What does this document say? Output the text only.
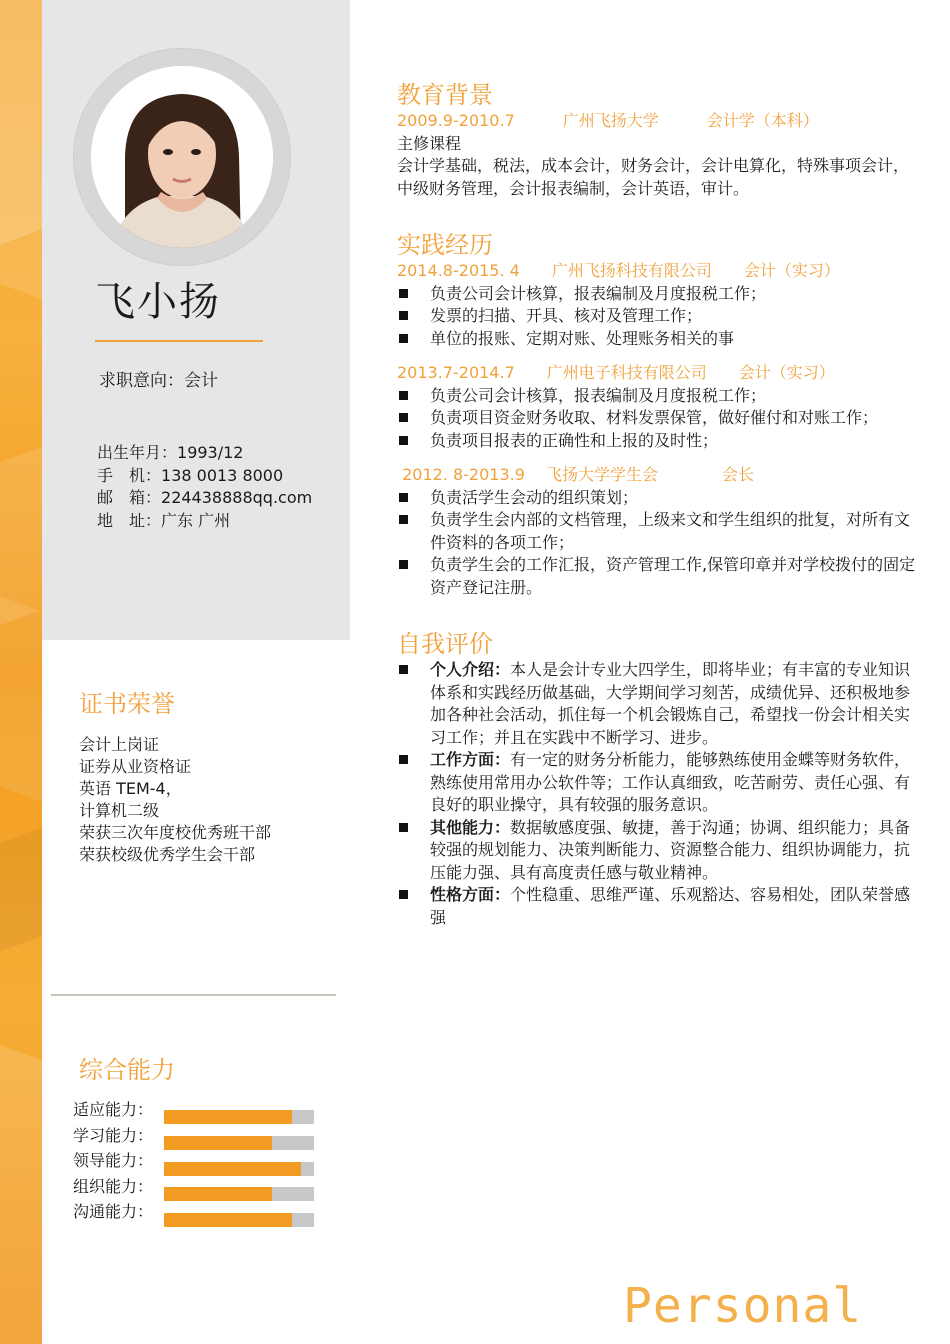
飞小扬
求职意向：会计
出生年月：1993/12
手　机：138 0013 8000
邮　箱：224438888qq.com
地　址：广东 广州
证书荣誉
会计上岗证
证券从业资格证
英语 TEM-4，
计算机二级
荣获三次年度校优秀班干部
荣获校级优秀学生会干部
综合能力
适应能力：
学习能力：
领导能力：
组织能力：
沟通能力：
教育背景
2009.9-2010.7　　　广州飞扬大学　　　会计学（本科）
主修课程
会计学基础，税法，成本会计，财务会计，会计电算化，特殊事项会计，中级财务管理，会计报表编制，会计英语，审计。
实践经历
2014.8-2015. 4　　广州飞扬科技有限公司　　会计（实习）
负责公司会计核算，报表编制及月度报税工作；
发票的扫描、开具、核对及管理工作；
单位的报账、定期对账、处理账务相关的事
2013.7-2014.7　　广州电子科技有限公司　　会计（实习）
负责公司会计核算，报表编制及月度报税工作；
负责项目资金财务收取、材料发票保管，做好催付和对账工作；
负责项目报表的正确性和上报的及时性；
2012. 8-2013.9　 飞扬大学学生会　　　　会长
负责活学生会动的组织策划；
负责学生会内部的文档管理，上级来文和学生组织的批复，对所有文件资料的各项工作；
负责学生会的工作汇报，资产管理工作,保管印章并对学校拨付的固定资产登记注册。
自我评价
个人介绍：本人是会计专业大四学生，即将毕业；有丰富的专业知识体系和实践经历做基础，大学期间学习刻苦，成绩优异、还积极地参加各种社会活动，抓住每一个机会锻炼自己，希望找一份会计相关实习工作；并且在实践中不断学习、进步。
工作方面：有一定的财务分析能力，能够熟练使用金蝶等财务软件，熟练使用常用办公软件等；工作认真细致，吃苦耐劳、责任心强、有良好的职业操守，具有较强的服务意识。
其他能力：数据敏感度强、敏捷，善于沟通；协调、组织能力；具备较强的规划能力、决策判断能力、资源整合能力、组织协调能力，抗压能力强、具有高度责任感与敬业精神。
性格方面：个性稳重、思维严谨、乐观豁达、容易相处，团队荣誉感强
Personal
